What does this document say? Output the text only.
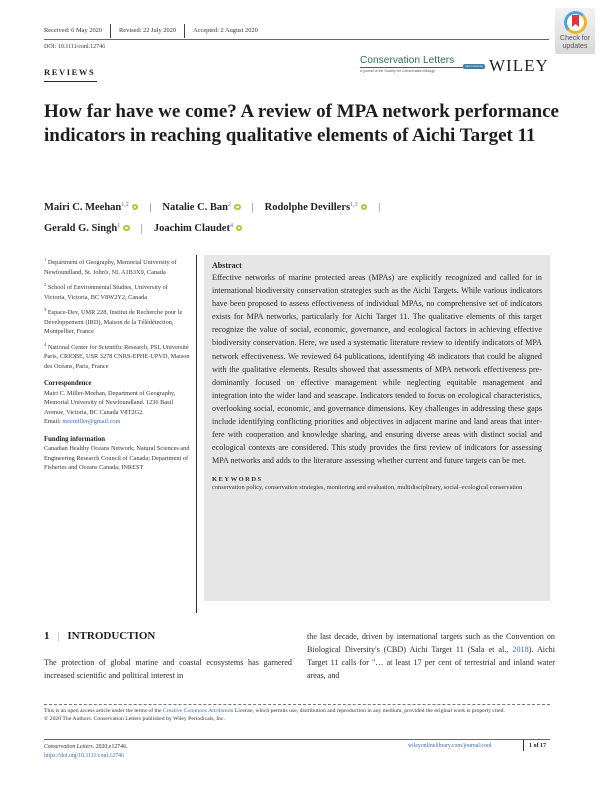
Received: 6 May 2020	Revised: 22 July 2020	Accepted: 2 August 2020
DOI: 10.1111/conl.12746
Check for updates
Conservation Letters
A journal of the Society for Conservation Biology
Open Access WILEY
REVIEWS
How far have we come? A review of MPA network performance indicators in reaching qualitative elements of Aichi Target 11
Mairi C. Meehan$^{1,2}$ | Natalie C. Ban$^2$ | Rodolphe Devillers$^{1,3}$ |
Gerald G. Singh$^1$ | Joachim Claudet$^4$
$^1$ Department of Geography, Memorial University of Newfoundland, St. John's, NL A1B3X9, Canada
$^2$ School of Environmental Studies, University of Victoria, Victoria, BC V8W2Y2, Canada
$^3$ Espace-Dev, UMR 228, Institut de Recherche pour le Développement (IRD), Maison de la Télédétection, Montpellier, France
$^4$ National Center for Scientific Research, PSL Université Paris, CRIOBE, USR 3278 CNRS-EPHE-UPVD, Maison des Océans, Paris, France
Correspondence
Mairi C. Miller-Meehan, Department of Geography, Memorial University of Newfoundland. 1236 Basil Avenue, Victoria, BC Canada V8T2G2.
Email: mecmiller@gmail.com
Funding information
Canadian Healthy Oceans Network; Natural Sciences and Engineering Research Council of Canada; Department of Fisheries and Oceans Canada; INREST
Abstract
Effective networks of marine protected areas (MPAs) are explicitly recognized and called for in international biodiversity conservation strategies such as the Aichi Targets. While various indicators have been proposed to assess effectiveness of individual MPAs, no comprehensive set of indicators exists for MPA networks, particularly for Aichi Target 11. The qualitative elements of this target recognize the value of social, economic, governance, and ecological factors in achieving effective biodiversity conservation. Here, we used a systematic literature review to identify indicators of MPA network effectiveness. We reviewed 64 publications, identifying 48 indicators that could be aligned with the qualitative elements. Results showed that assessments of MPA network effectiveness predominantly focused on effective management while neglecting equitable management and integration into the wider land and seascape. Indicators tended to focus on ecological characteristics, overlooking social, economic, and governance dimensions. Key challenges in addressing these gaps include identifying conflicting priorities and objectives in adjacent marine and land areas that interfere with cooperation and knowledge sharing, and ensuring diverse areas with distinct social and ecological contexts are considered. This study provides the first review of indicators for assessing MPA networks and adds to the literature assessing whether current and future targets can be met.
KEYWORDS
conservation policy, conservation strategies, monitoring and evaluation, multidisciplinary, social–ecological conservation
1 | INTRODUCTION
The protection of global marine and coastal ecosystems has garnered increased scientific and political interest in
the last decade, driven by international targets such as the Convention on Biological Diversity's (CBD) Aichi Target 11 (Sala et al., 2018). Aichi Target 11 calls for "… at least 17 per cent of terrestrial and inland water areas, and
This is an open access article under the terms of the Creative Commons Attribution License, which permits use, distribution and reproduction in any medium, provided the original work is properly cited.
© 2020 The Authors. Conservation Letters published by Wiley Periodicals, Inc.
Conservation Letters. 2020;e12746.
https://doi.org/10.1111/conl.12746
wileyonlinelibrary.com/journal/conl	1 of 17
